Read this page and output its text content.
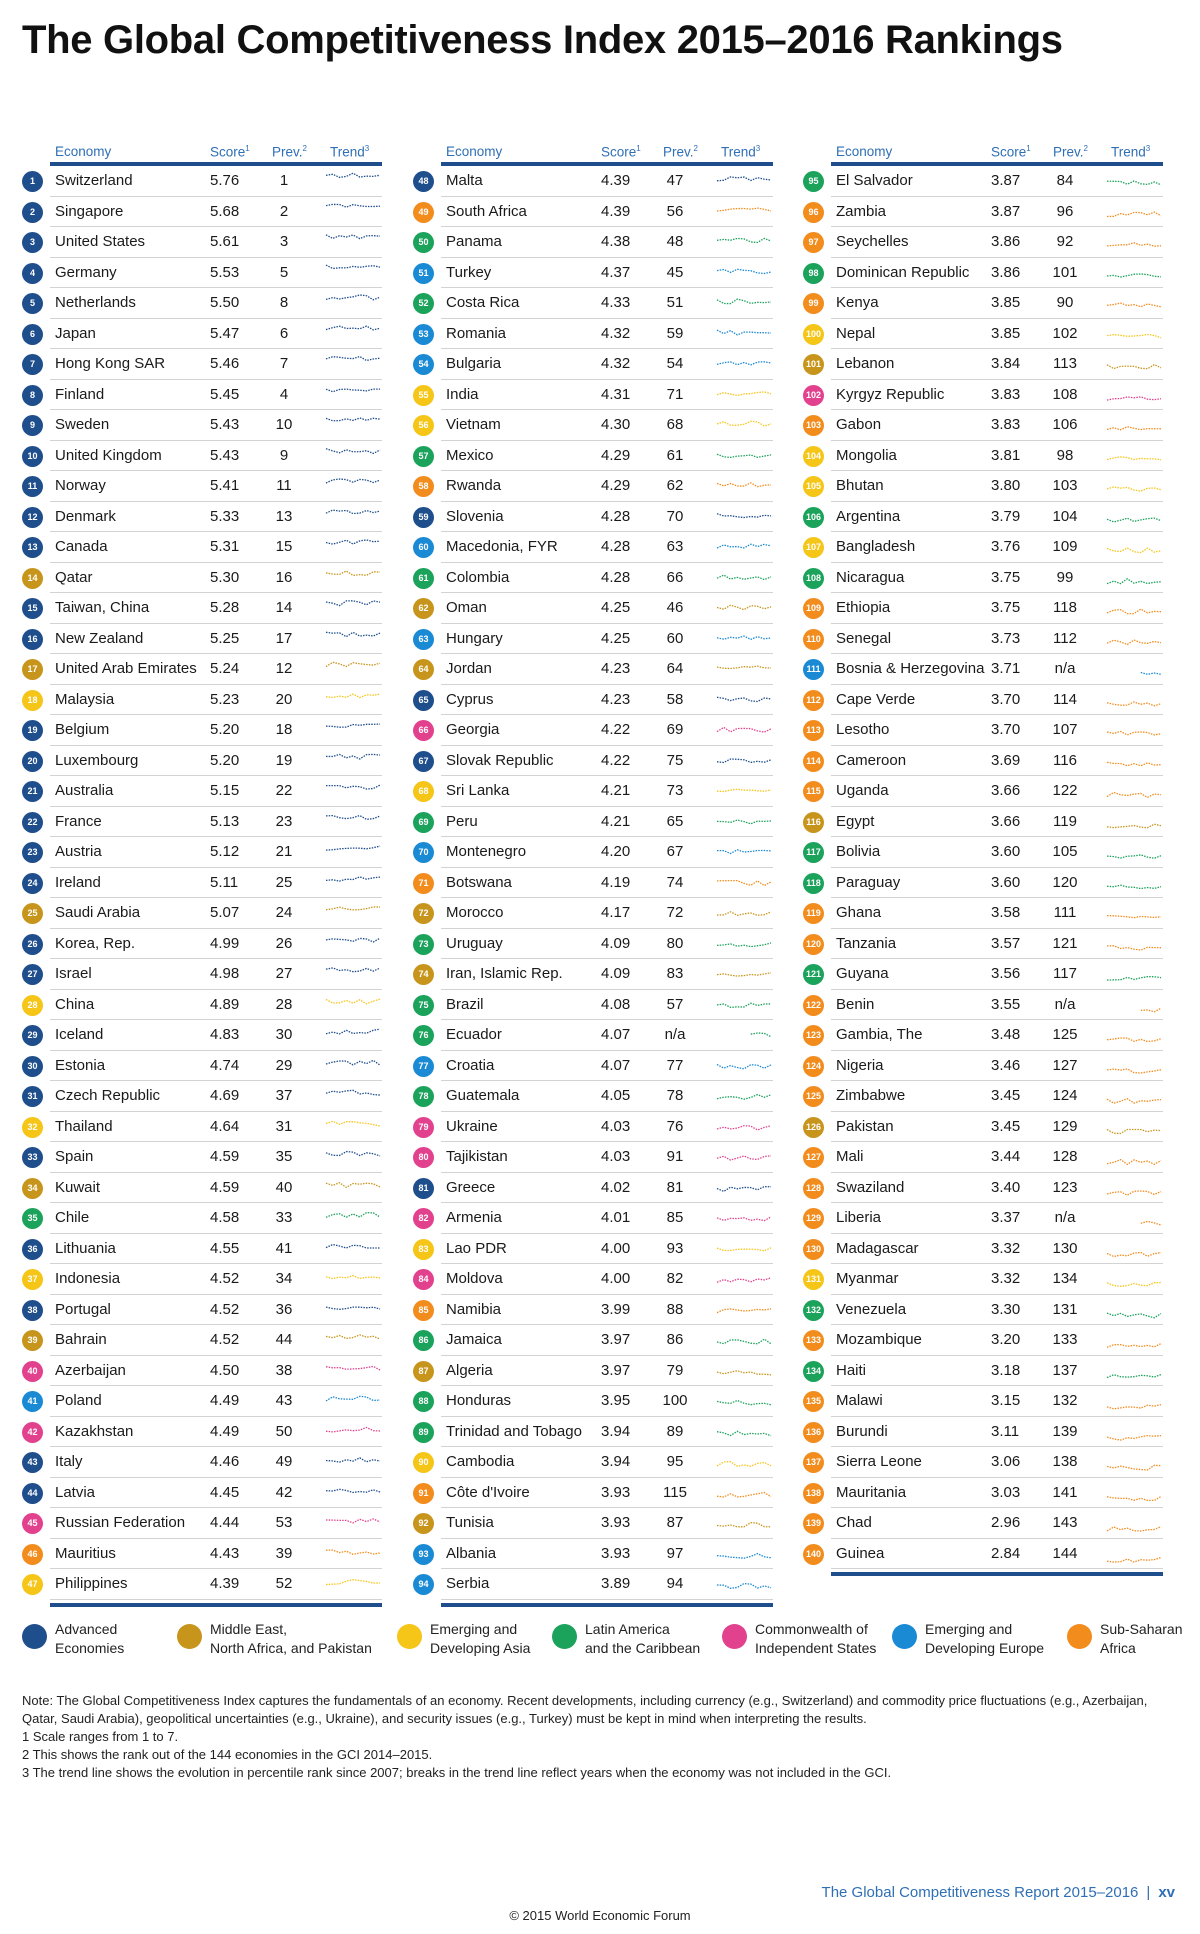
The Global Competitiveness Index 2015–2016 Rankings
Economy	Score$^1$ Prev.$^2$ Trend$^3$
1	Switzerland	5.76	1
2	Singapore	5.68	2
3	United States	5.61	3
4	Germany	5.53	5
5	Netherlands	5.50	8
6	Japan	5.47	6
7	Hong Kong SAR	5.46	7
8	Finland	5.45	4
9	Sweden	5.43	10
10	United Kingdom	5.43	9
11	Norway	5.41	11
12	Denmark	5.33	13
13	Canada	5.31	15
14	Qatar	5.30	16
15	Taiwan, China	5.28	14
16	New Zealand	5.25	17
17	United Arab Emirates 5.24	12
18	Malaysia	5.23	20
19	Belgium	5.20	18
20	Luxembourg	5.20	19
21	Australia	5.15	22
22	France	5.13	23
23	Austria	5.12	21
24	Ireland	5.11	25
25	Saudi Arabia	5.07	24
26	Korea, Rep.	4.99	26
27	Israel	4.98	27
28	China	4.89	28
29	Iceland	4.83	30
30	Estonia	4.74	29
31	Czech Republic	4.69	37
32	Thailand	4.64	31
33	Spain	4.59	35
34	Kuwait	4.59	40
35	Chile	4.58	33
36	Lithuania	4.55	41
37	Indonesia	4.52	34
38	Portugal	4.52	36
39	Bahrain	4.52	44
40	Azerbaijan	4.50	38
41	Poland	4.49	43
42	Kazakhstan	4.49	50
43	Italy	4.46	49
44	Latvia	4.45	42
45	Russian Federation 4.44	53
46	Mauritius	4.43	39
47	Philippines	4.39	52
Economy	Score$^1$ Prev.$^2$ Trend$^3$
48	Malta	4.39	47
49	South Africa	4.39	56
50	Panama	4.38	48
51	Turkey	4.37	45
52	Costa Rica	4.33	51
53	Romania	4.32	59
54	Bulgaria	4.32	54
55	India	4.31	71
56	Vietnam	4.30	68
57	Mexico	4.29	61
58	Rwanda	4.29	62
59	Slovenia	4.28	70
60	Macedonia, FYR	4.28	63
61	Colombia	4.28	66
62	Oman	4.25	46
63	Hungary	4.25	60
64	Jordan	4.23	64
65	Cyprus	4.23	58
66	Georgia	4.22	69
67	Slovak Republic	4.22	75
68	Sri Lanka	4.21	73
69	Peru	4.21	65
70	Montenegro	4.20	67
71	Botswana	4.19	74
72	Morocco	4.17	72
73	Uruguay	4.09	80
74	Iran, Islamic Rep.	4.09	83
75	Brazil	4.08	57
76	Ecuador	4.07	n/a
77	Croatia	4.07	77
78	Guatemala	4.05	78
79	Ukraine	4.03	76
80	Tajikistan	4.03	91
81	Greece	4.02	81
82	Armenia	4.01	85
83	Lao PDR	4.00	93
84	Moldova	4.00	82
85	Namibia	3.99	88
86	Jamaica	3.97	86
87	Algeria	3.97	79
88	Honduras	3.95	100
89	Trinidad and Tobago 3.94	89
90	Cambodia	3.94	95
91	Côte d'Ivoire	3.93	115
92	Tunisia	3.93	87
93	Albania	3.93	97
94	Serbia	3.89	94
Economy	Score$^1$ Prev.$^2$ Trend$^3$
95	El Salvador	3.87	84
96	Zambia	3.87	96
97	Seychelles	3.86	92
98	Dominican Republic 3.86	101
99	Kenya	3.85	90
100 Nepal	3.85	102
101 Lebanon	3.84	113
102 Kyrgyz Republic	3.83	108
103 Gabon	3.83	106
104 Mongolia	3.81	98
105 Bhutan	3.80	103
106 Argentina	3.79	104
107 Bangladesh	3.76	109
108 Nicaragua	3.75	99
109 Ethiopia	3.75	118
110 Senegal	3.73	112
111 Bosnia & Herzegovina 3.71	n/a
112 Cape Verde	3.70	114
113 Lesotho	3.70	107
114 Cameroon	3.69	116
115 Uganda	3.66	122
116 Egypt	3.66	119
117 Bolivia	3.60	105
118 Paraguay	3.60	120
119 Ghana	3.58	111
120 Tanzania	3.57	121
121 Guyana	3.56	117
122 Benin	3.55	n/a
123 Gambia, The	3.48	125
124 Nigeria	3.46	127
125 Zimbabwe	3.45	124
126 Pakistan	3.45	129
127 Mali	3.44	128
128 Swaziland	3.40	123
129 Liberia	3.37	n/a
130 Madagascar	3.32	130
131 Myanmar	3.32	134
132 Venezuela	3.30	131
133 Mozambique	3.20	133
134 Haiti	3.18	137
135 Malawi	3.15	132
136 Burundi	3.11	139
137 Sierra Leone	3.06	138
138 Mauritania	3.03	141
139 Chad	2.96	143
140 Guinea	2.84	144
Advanced
Economies
Middle East,
North Africa, and Pakistan
Emerging and
Developing Asia
Latin America
and the Caribbean
Commonwealth of
Independent States
Emerging and
Developing Europe
Sub-Saharan
Africa

Note: The Global Competitiveness Index captures the fundamentals of an economy. Recent developments, including currency (e.g., Switzerland) and commodity price fluctuations (e.g., Azerbaijan, Qatar, Saudi Arabia), geopolitical uncertainties (e.g., Ukraine), and security issues (e.g., Turkey) must be kept in mind when interpreting the results.

1 Scale ranges from 1 to 7.

2 This shows the rank out of the 144 economies in the GCI 2014–2015.

3 The trend line shows the evolution in percentile rank since 2007; breaks in the trend line reflect years when the economy was not included in the GCI.

The Global Competitiveness Report 2015–2016 | xv
© 2015 World Economic Forum
